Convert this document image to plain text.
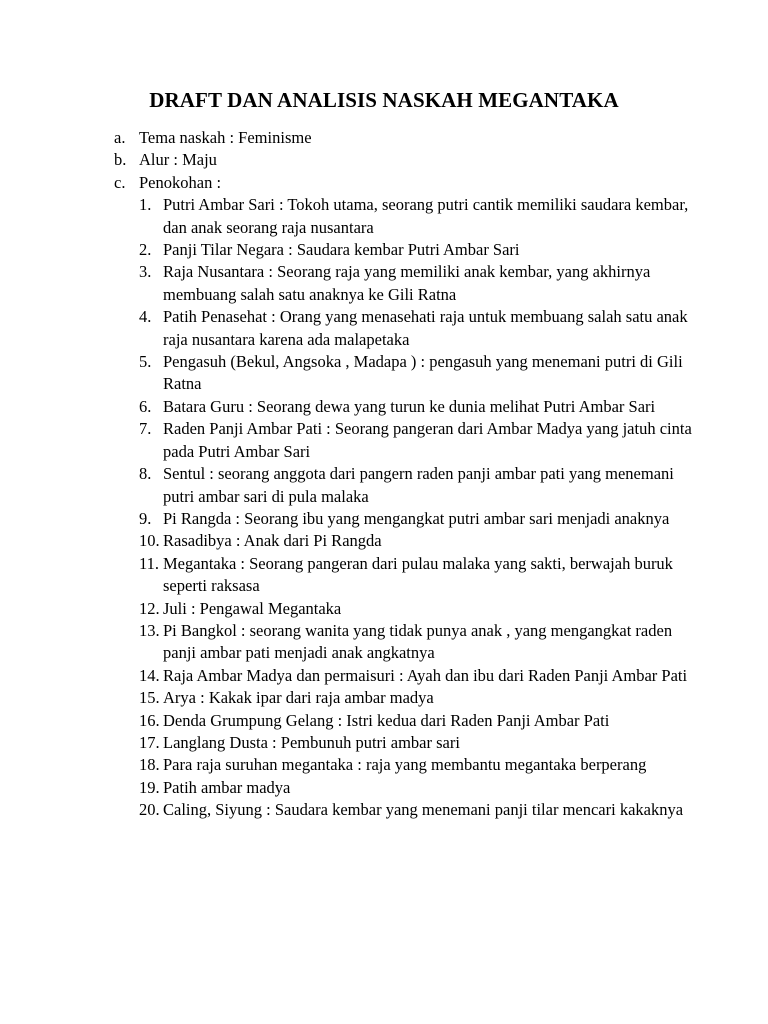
DRAFT DAN ANALISIS NASKAH MEGANTAKA
a. Tema naskah : Feminisme
b. Alur : Maju
c. Penokohan :
1. Putri Ambar Sari : Tokoh utama, seorang putri cantik memiliki saudara kembar, dan anak seorang raja nusantara
2. Panji Tilar Negara : Saudara kembar Putri Ambar Sari
3. Raja Nusantara : Seorang raja yang memiliki anak kembar, yang akhirnya membuang salah satu anaknya ke Gili Ratna
4. Patih Penasehat : Orang yang menasehati raja untuk membuang salah satu anak raja nusantara karena ada malapetaka
5. Pengasuh (Bekul, Angsoka , Madapa ) : pengasuh yang menemani putri di Gili Ratna
6. Batara Guru : Seorang dewa yang turun ke dunia melihat Putri Ambar Sari
7. Raden Panji Ambar Pati : Seorang pangeran dari Ambar Madya yang jatuh cinta pada Putri Ambar Sari
8. Sentul : seorang anggota dari pangern raden panji ambar pati yang menemani putri ambar sari di pula malaka
9. Pi Rangda : Seorang ibu yang mengangkat putri ambar sari menjadi anaknya
10. Rasadibya : Anak dari Pi Rangda
11. Megantaka : Seorang pangeran dari pulau malaka yang sakti, berwajah buruk seperti raksasa
12. Juli : Pengawal Megantaka
13. Pi Bangkol : seorang wanita yang tidak punya anak , yang mengangkat raden panji ambar pati menjadi anak angkatnya
14. Raja Ambar Madya dan permaisuri : Ayah dan ibu dari Raden Panji Ambar Pati
15. Arya : Kakak ipar dari raja ambar madya
16. Denda Grumpung Gelang : Istri kedua dari Raden Panji Ambar Pati
17. Langlang Dusta : Pembunuh putri ambar sari
18. Para raja suruhan megantaka : raja yang membantu megantaka berperang
19. Patih ambar madya
20. Caling, Siyung : Saudara kembar yang menemani panji tilar mencari kakaknya
